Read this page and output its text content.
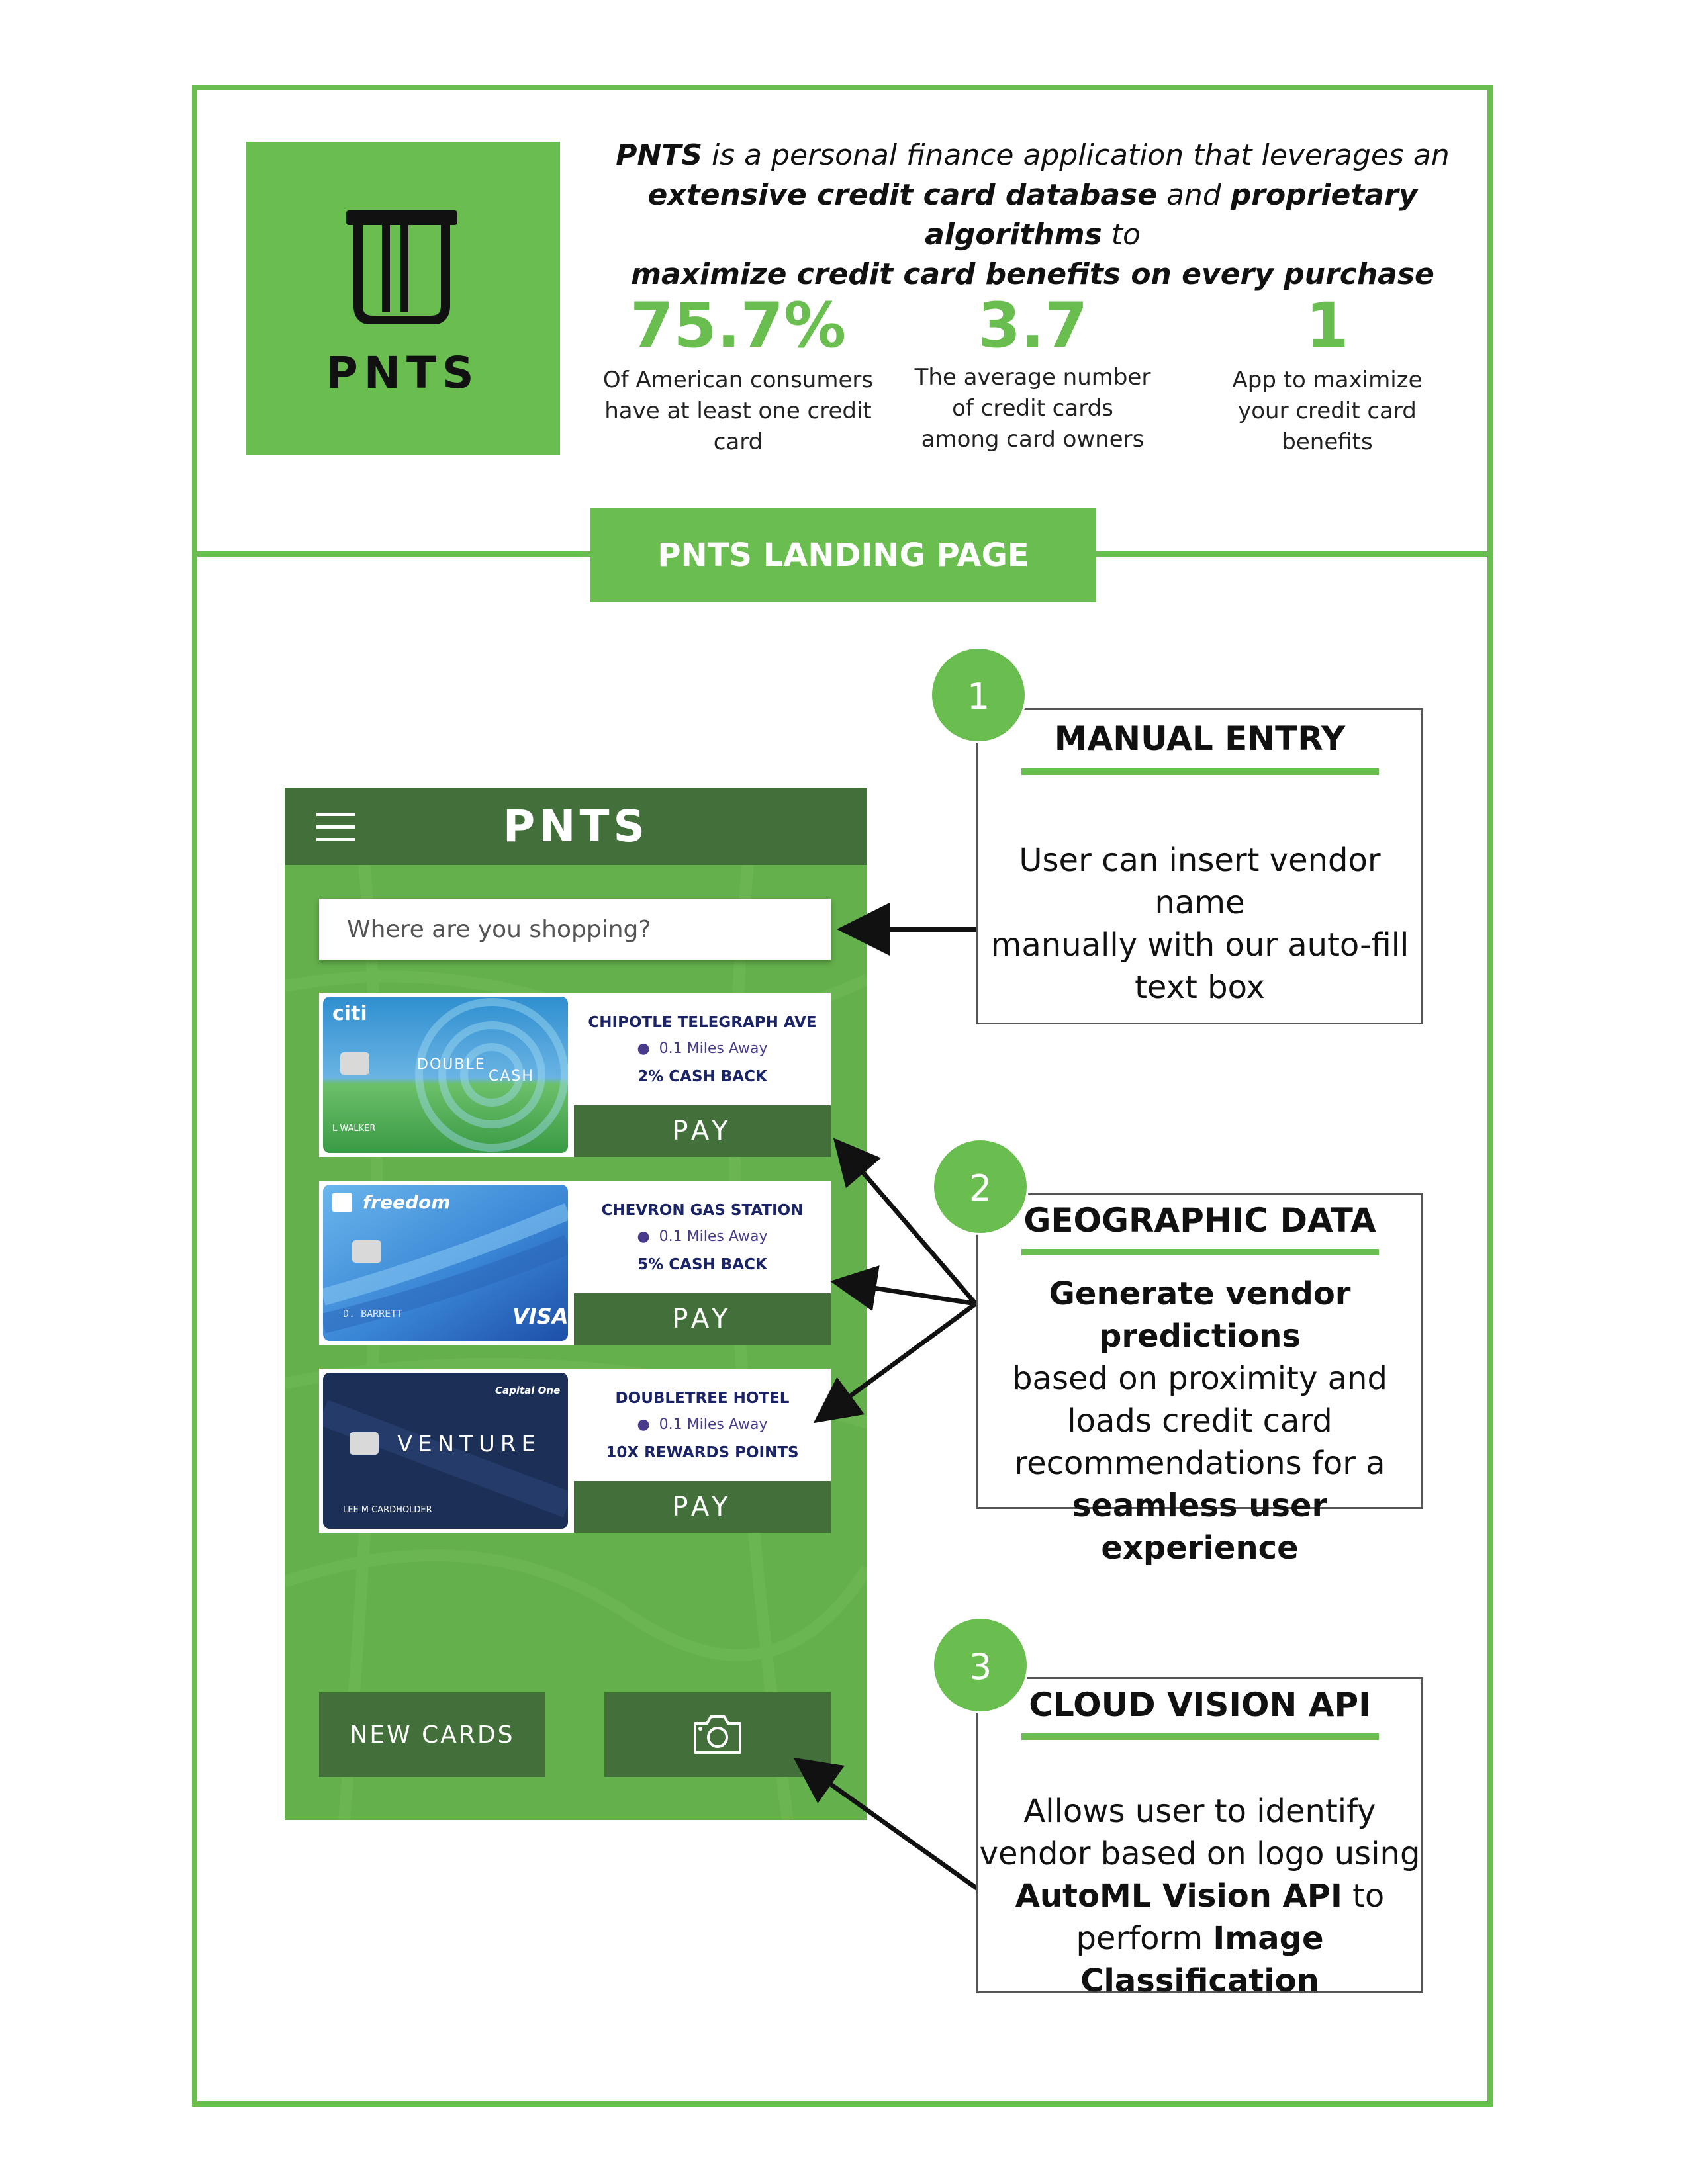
PNTS
PNTS is a personal finance application that leverages an
extensive credit card database and proprietary algorithms to
maximize credit card benefits on every purchase
75.7%
Of American consumers
have at least one credit
card
3.7
The average number
of credit cards
among card owners
1
App to maximize
your credit card
benefits
PNTS LANDING PAGE
PNTS
Where are you shopping?
citi
DOUBLE
CASH
L WALKER
CHIPOTLE TELEGRAPH AVE
● 0.1 Miles Away
2% CASH BACK
PAY
freedom
VISA
D. BARRETT
CHEVRON GAS STATION
● 0.1 Miles Away
5% CASH BACK
PAY
Capital One
VENTURE
LEE M CARDHOLDER
DOUBLETREE HOTEL
● 0.1 Miles Away
10X REWARDS POINTS
PAY
NEW CARDS
MANUAL ENTRY
User can insert vendor name
manually with our auto-fill
text box
1
GEOGRAPHIC DATA
Generate vendor predictions
based on proximity and
loads credit card
recommendations for a
seamless user experience
2
CLOUD VISION API
Allows user to identify
vendor based on logo using
AutoML Vision API to
perform Image Classification
3
